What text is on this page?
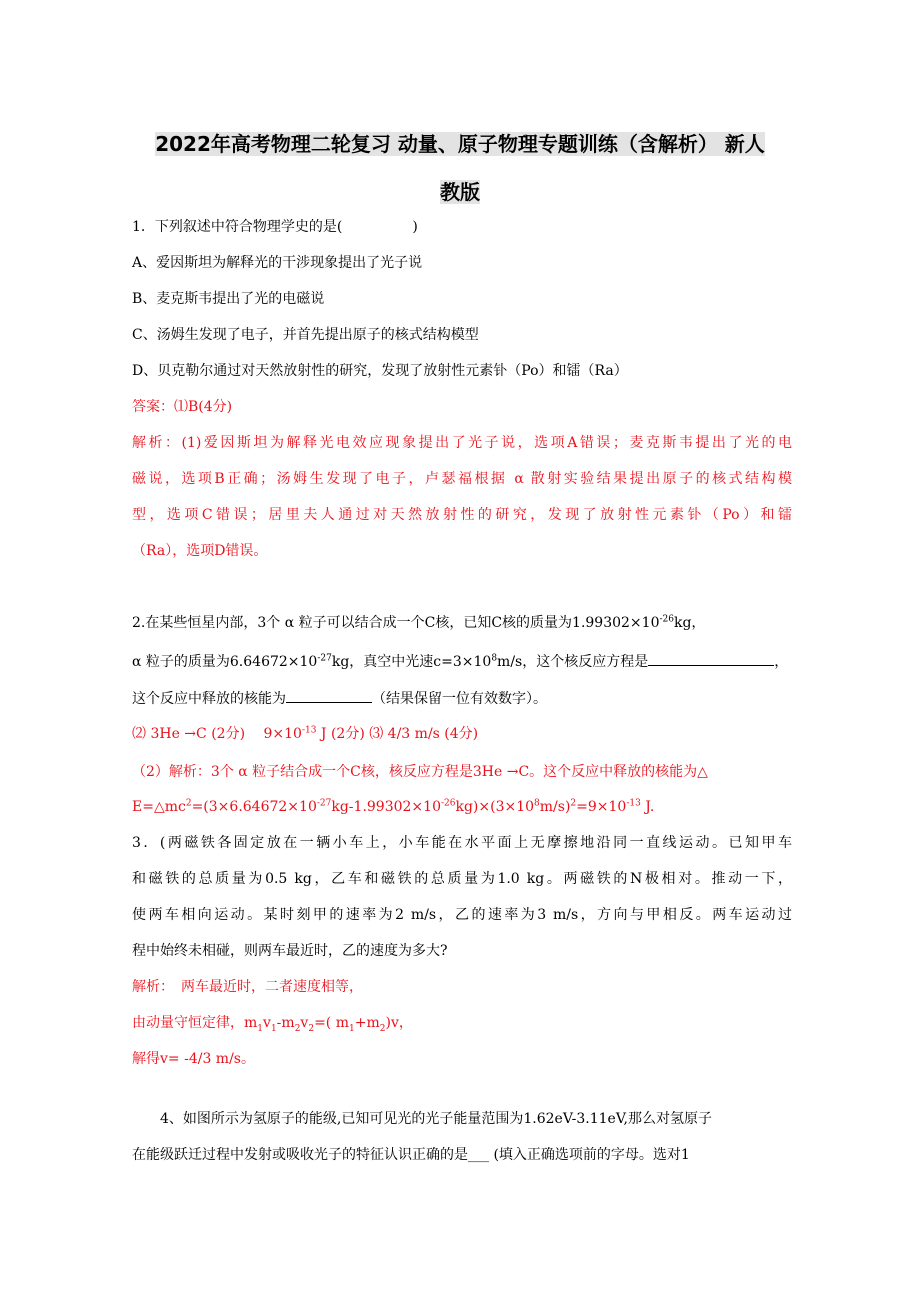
2022年高考物理二轮复习 动量、原子物理专题训练（含解析） 新人
教版
1．下列叙述中符合物理学史的是(　　　　　)
A、爱因斯坦为解释光的干涉现象提出了光子说
B、麦克斯韦提出了光的电磁说
C、汤姆生发现了电子，并首先提出原子的核式结构模型
D、贝克勒尔通过对天然放射性的研究，发现了放射性元素钋（Po）和镭（Ra）
答案：⑴B(4分)
解析：(1)爱因斯坦为解释光电效应现象提出了光子说，选项A错误；麦克斯韦提出了光的电
磁说，选项B正确；汤姆生发现了电子，卢瑟福根据 α 散射实验结果提出原子的核式结构模
型，选项C错误；居里夫人通过对天然放射性的研究，发现了放射性元素钋（Po）和镭
（Ra），选项D错误。
2.在某些恒星内部，3个 α 粒子可以结合成一个C核，已知C核的质量为$1.99302\times 10^{-26}kg$，
α 粒子的质量为$6.64672\times 10^{-27}kg$，真空中光速$c=3\times 10^8m/s$，这个核反应方程是	，
这个反应中释放的核能为	（结果保留一位有效数字）。
⑵ 3He →C (2分)　 $9\times 10^{-13}$ J (2分) ⑶ 4/3 m/s (4分)
（2）解析：3个 α 粒子结合成一个C核，核反应方程是3He →C。这个反应中释放的核能为△
$E=\triangle mc^2=(3\times 6.64672\times 10^{-27}kg-1.99302\times 10^{-26}kg)\times(3\times 10^8m/s)^2=9\times 10^{-13}$ J.
3．(两磁铁各固定放在一辆小车上，小车能在水平面上无摩擦地沿同一直线运动。已知甲车
和磁铁的总质量为0.5 kg，乙车和磁铁的总质量为1.0 kg。两磁铁的N极相对。推动一下，
使两车相向运动。某时刻甲的速率为2 m/s，乙的速率为3 m/s，方向与甲相反。两车运动过
程中始终未相碰，则两车最近时，乙的速度为多大?
解析：　两车最近时，二者速度相等，
由动量守恒定律，$m_1v_1-m_2v_2=$( $m_1+m_2)v$，
解得v= -4/3 m/s。
4、如图所示为氢原子的能级,已知可见光的光子能量范围为1.62eV-3.11eV,那么对氢原子
在能级跃迁过程中发射或吸收光子的特征认识正确的是___ (填入正确选项前的字母。选对1
